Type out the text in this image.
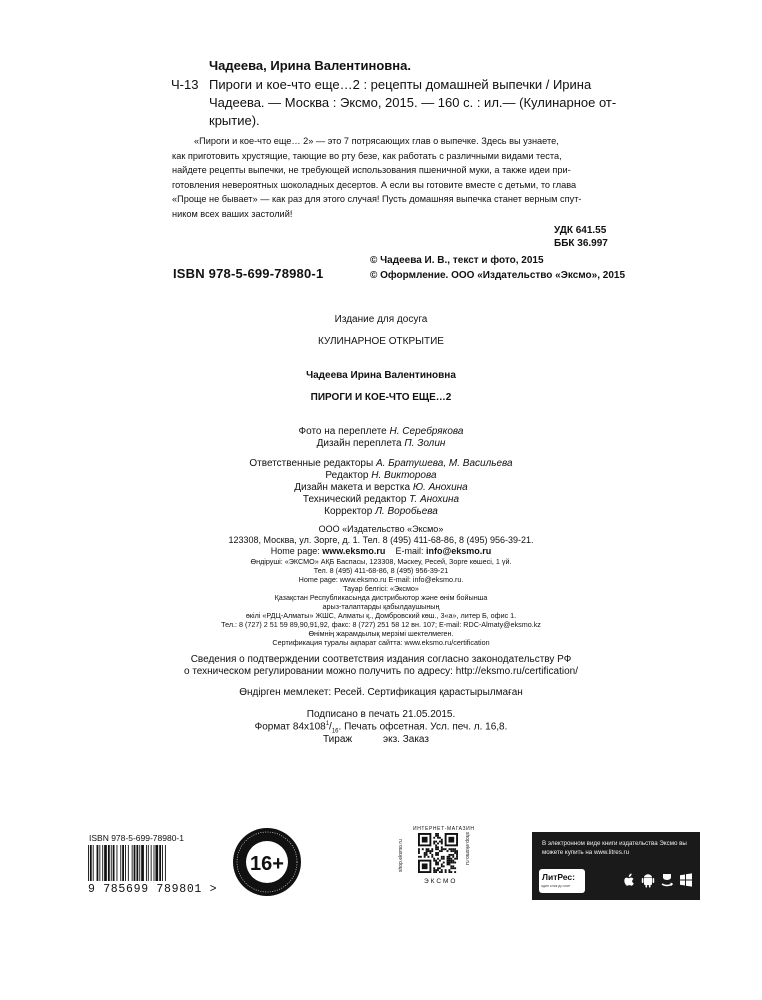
Чадеева, Ирина Валентиновна.
Ч-13 Пироги и кое-что еще…2 : рецепты домашней выпечки / Ирина
Чадеева. — Москва : Эксмо, 2015. — 160 с. : ил.— (Кулинарное от-
крытие).
«Пироги и кое-что еще… 2» — это 7 потрясающих глав о выпечке. Здесь вы узнаете,
как приготовить хрустящие, тающие во рту безе, как работать с различными видами теста,
найдете рецепты выпечки, не требующей использования пшеничной муки, а также идеи при-
готовления невероятных шоколадных десертов. А если вы готовите вместе с детьми, то глава
«Проще не бывает» — как раз для этого случая! Пусть домашняя выпечка станет верным спут-
ником всех ваших застолий!
УДК 641.55
ББК 36.997
ISBN 978-5-699-78980-1
© Чадеева И. В., текст и фото, 2015
© Оформление. ООО «Издательство «Эксмо», 2015
Издание для досуга
КУЛИНАРНОЕ ОТКРЫТИЕ
Чадеева Ирина Валентиновна
ПИРОГИ И КОЕ-ЧТО ЕЩЕ…2
Фото на переплете Н. Серебрякова
Дизайн переплета П. Золин
Ответственные редакторы А. Братушева, М. Васильева
Редактор Н. Викторова
Дизайн макета и верстка Ю. Анохина
Технический редактор Т. Анохина
Корректор Л. Воробьева
ООО «Издательство «Эксмо»
123308, Москва, ул. Зорге, д. 1. Тел. 8 (495) 411-68-86, 8 (495) 956-39-21.
Home page: www.eksmo.ru E-mail: info@eksmo.ru
Өндіруші: «ЭКСМО» АҚБ Баспасы, 123308, Мәскеу, Ресей, Зорге көшесі, 1 үй.
Тел. 8 (495) 411-68-86, 8 (495) 956-39-21
Home page: www.eksmo.ru E-mail: info@eksmo.ru.
Тауар белгісі: «Эксмо»
Қазақстан Республикасында дистрибьютор және өнім бойынша
арыз-талаптарды қабылдаушының
өкілі «РДЦ-Алматы» ЖШС, Алматы қ., Домбровский көш., 3«а», литер Б, офис 1.
Тел.: 8 (727) 2 51 59 89,90,91,92, факс: 8 (727) 251 58 12 вн. 107; E-mail: RDC-Almaty@eksmo.kz
Өнімнің жарамдылық мерзімі шектелмеген.
Сертификация туралы ақпарат сайтта: www.eksmo.ru/certification
Сведения о подтверждении соответствия издания согласно законодательству РФ
о техническом регулировании можно получить по адресу: http://eksmo.ru/certification/
Өндірген мемлекет: Ресей. Сертификация қарастырылмаған
Подписано в печать 21.05.2015.
Формат $84х108^1/_{16}$. Печать офсетная. Усл. печ. л. 16,8.
Тираж	экз. Заказ
ISBN 978-5-699-78980-1
9 785699 789801 >
16+
ИНТЕРНЕТ-МАГАЗИН
ЭКСМО
shop.eksmo.ru	shop.eksmo.ru	В электронном виде книги издательства Эксмо вы можете купить на www.litres.ru
ЛитРес:
один клик до книг
